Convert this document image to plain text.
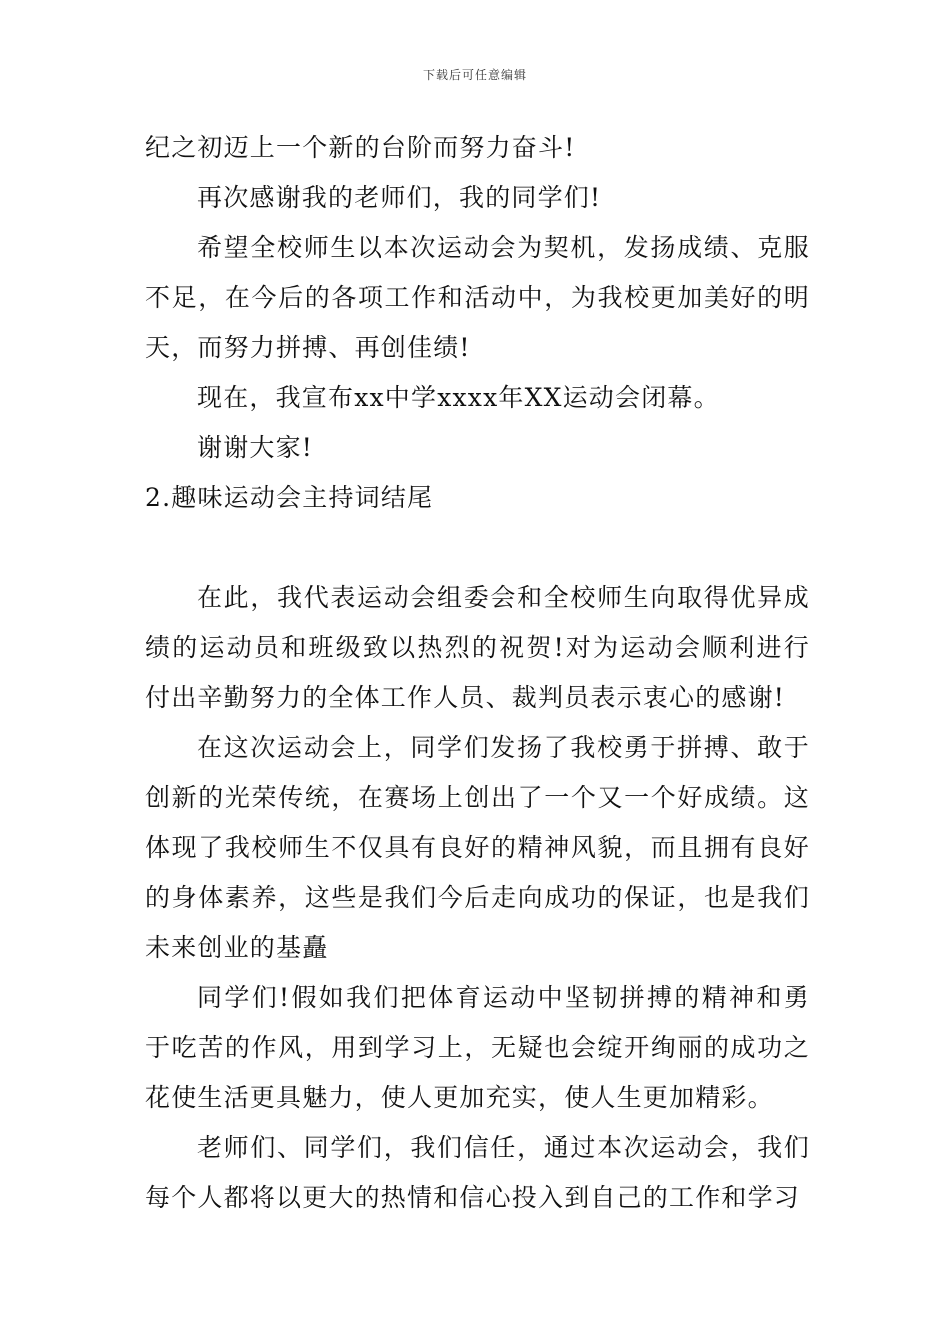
下载后可任意编辑

纪之初迈上一个新的台阶而努力奋斗!

再次感谢我的老师们，我的同学们!

希望全校师生以本次运动会为契机，发扬成绩、克服不足，在今后的各项工作和活动中，为我校更加美好的明天，而努力拼搏、再创佳绩!

现在，我宣布xx中学xxxx年XX运动会闭幕。

谢谢大家!

2.趣味运动会主持词结尾

在此，我代表运动会组委会和全校师生向取得优异成绩的运动员和班级致以热烈的祝贺!对为运动会顺利进行付出辛勤努力的全体工作人员、裁判员表示衷心的感谢!

在这次运动会上，同学们发扬了我校勇于拼搏、敢于创新的光荣传统，在赛场上创出了一个又一个好成绩。这体现了我校师生不仅具有良好的精神风貌，而且拥有良好的身体素养，这些是我们今后走向成功的保证，也是我们未来创业的基矗

同学们!假如我们把体育运动中坚韧拼搏的精神和勇于吃苦的作风，用到学习上，无疑也会绽开绚丽的成功之花使生活更具魅力，使人更加充实，使人生更加精彩。

老师们、同学们，我们信任，通过本次运动会，我们每个人都将以更大的热情和信心投入到自己的工作和学习
